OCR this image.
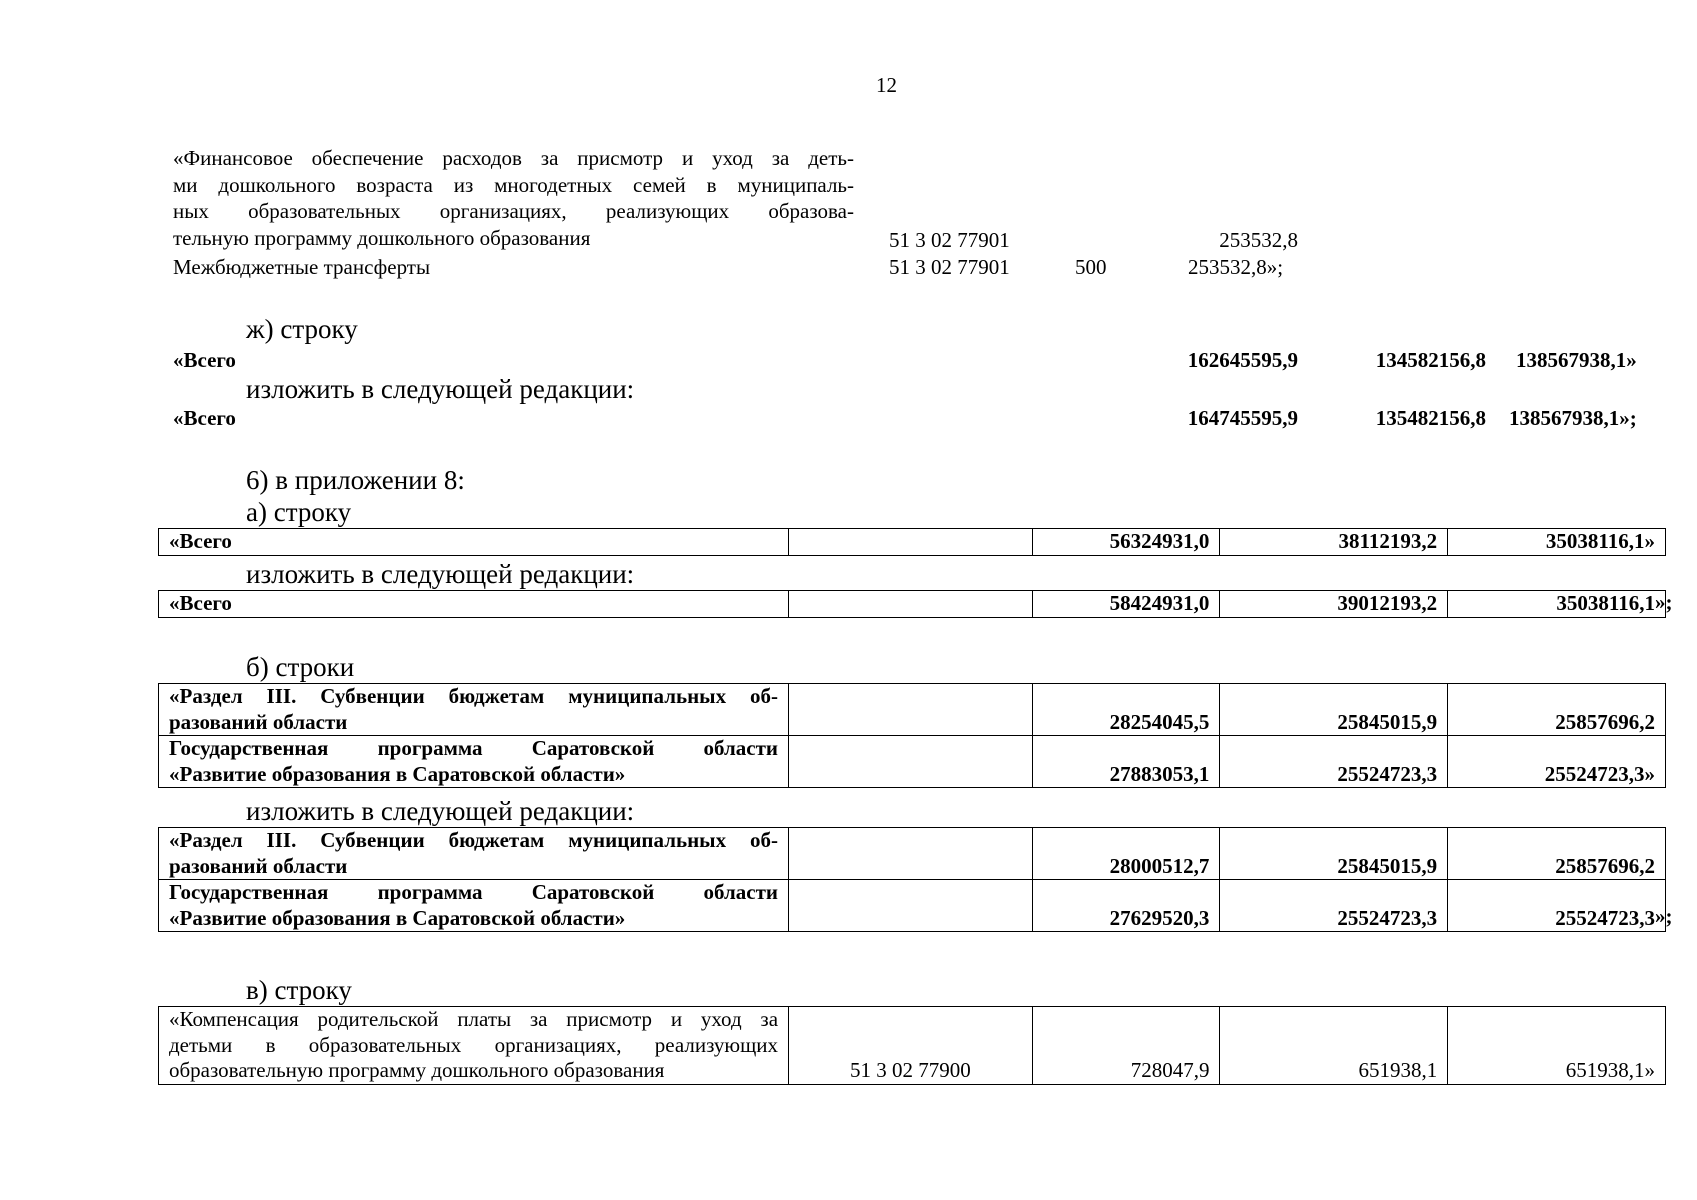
12
«Финансовое обеспечение расходов за присмотр и уход за деть-
ми дошкольного возраста из многодетных семей в муниципаль-
ных образовательных организациях, реализующих образова-
тельную программу дошкольного образования	51 3 02 77901	253532,8
Межбюджетные трансферты	51 3 02 77901	500	253532,8»;
ж) строку
«Всего	162645595,9	134582156,8 138567938,1»
изложить в следующей редакции:
«Всего	164745595,9	135482156,8 138567938,1»;
6) в приложении 8:
а) строку
«Всего		56324931,0	38112193,2	35038116,1»
изложить в следующей редакции:
«Всего		58424931,0	39012193,2	35038116,1 »;
б) строки
«Раздел III. Субвенции бюджетам муниципальных об-
разований области		28254045,5	25845015,9	25857696,2

Государственная программа Саратовской области
«Развитие образования в Саратовской области»		27883053,1	25524723,3	25524723,3»
изложить в следующей редакции:
«Раздел III. Субвенции бюджетам муниципальных об-
разований области		28000512,7	25845015,9	25857696,2

Государственная программа Саратовской области
«Развитие образования в Саратовской области»		27629520,3	25524723,3	25524723,3 »;
в) строку
«Компенсация родительской платы за присмотр и уход за
детьми в образовательных организациях, реализующих
образовательную программу дошкольного образования	51 3 02 77900	728047,9	651938,1	651938,1»
